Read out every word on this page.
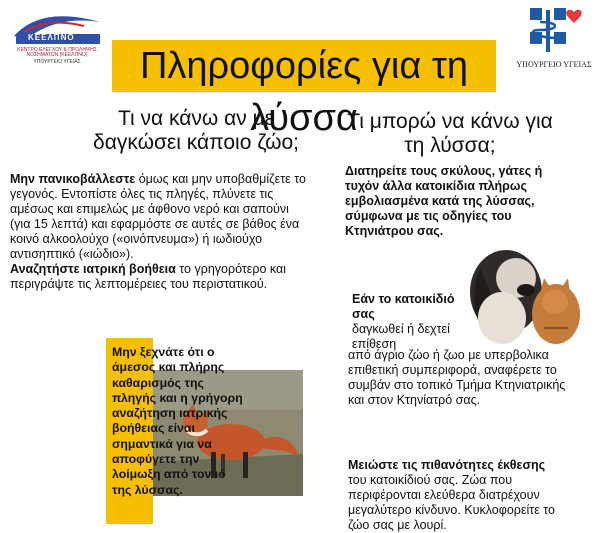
ΚΕΕΛΠΝΟ
ΚΕΝΤΡΟ ΕΛΕΓΧΟΥ & ΠΡΟΛΗΨΗΣ ΝΟΣΗΜΑΤΩΝ (ΚΕΕΛΠΝΟ)
ΥΠΟΥΡΓΕΙΟ ΥΓΕΙΑΣ	ΥΠΟΥΡΓΕΙΟ ΥΓΕΙΑΣ
Πληροφορίες για τη λύσσα
Τι να κάνω αν με δαγκώσει κάποιο ζώο;

Μην πανικοβάλλεστε όμως και μην υποβαθμίζετε το γεγονός. Εντοπίστε όλες τις πληγές, πλύνετε τις αμέσως και επιμελώς με άφθονο νερό και σαπούνι (για 15 λεπτά) και εφαρμόστε σε αυτές σε βάθος ένα κοινό αλκοολούχο («οινόπνευμα») ή ιωδιούχο αντισηπτικό («ιώδιο»).

Αναζητήστε ιατρική βοήθεια το γρηγορότερο και περιγράψτε τις λεπτομέρειες του περιστατικού.

Μην ξεχνάτε ότι ο άμεσος και πλήρης καθαρισμός της πληγής και η γρήγορη αναζήτηση ιατρικής βοήθειας είναι σημαντικά για να αποφύγετε την λοίμωξη από τον ιό της λύσσας.
Τι μπορώ να κάνω για τη λύσσα;
Διατηρείτε τους σκύλους, γάτες ή τυχόν άλλα κατοικίδια πλήρως εμβολιασμένα κατά της λύσσας, σύμφωνα με τις οδηγίες του Κτηνιάτρου σας.
Εάν το κατοικίδιό σας
δαγκωθεί ή δεχτεί επίθεση
από άγριο ζώο ή ζωο με υπερβολικα επιθετική συμπεριφορά, αναφέρετε το συμβάν στο τοπικό Τμήμα Κτηνιατρικής και στον Κτηνίατρό σας.
Μειώστε τις πιθανότητες έκθεσης
του κατοικίδιού σας. Ζώα που περιφέρονται ελεύθερα διατρέχουν μεγαλύτερο κίνδυνο. Κυκλοφορείτε το ζώο σας με λουρί.
